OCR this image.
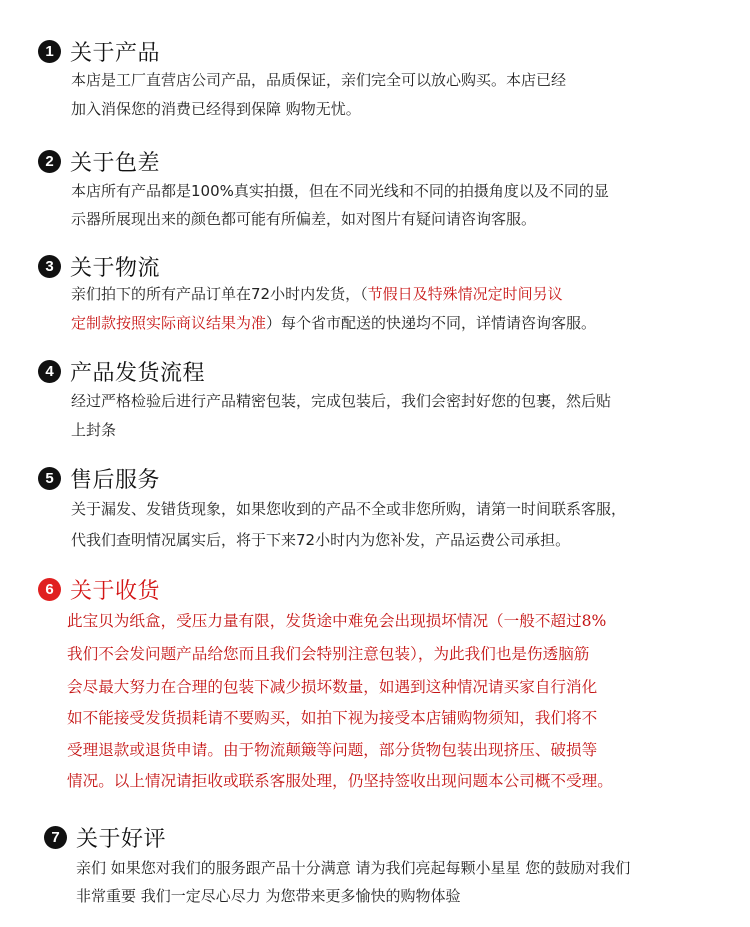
1 关于产品
本店是工厂直营店公司产品，品质保证，亲们完全可以放心购买。本店已经
加入消保您的消费已经得到保障 购物无忧。
2 关于色差
本店所有产品都是100%真实拍摄，但在不同光线和不同的拍摄角度以及不同的显
示器所展现出来的颜色都可能有所偏差，如对图片有疑问请咨询客服。
3 关于物流
亲们拍下的所有产品订单在72小时内发货，（节假日及特殊情况定时间另议
定制款按照实际商议结果为准）每个省市配送的快递均不同，详情请咨询客服。
4 产品发货流程
经过严格检验后进行产品精密包装，完成包装后，我们会密封好您的包裹，然后贴
上封条
5 售后服务
关于漏发、发错货现象，如果您收到的产品不全或非您所购，请第一时间联系客服，
代我们查明情况属实后，将于下来72小时内为您补发，产品运费公司承担。
6 关于收货
此宝贝为纸盒，受压力量有限，发货途中难免会出现损坏情况（一般不超过8%
我们不会发问题产品给您而且我们会特别注意包装），为此我们也是伤透脑筋
会尽最大努力在合理的包装下减少损坏数量，如遇到这种情况请买家自行消化
如不能接受发货损耗请不要购买，如拍下视为接受本店铺购物须知，我们将不
受理退款或退货申请。由于物流颠簸等问题，部分货物包装出现挤压、破损等
情况。以上情况请拒收或联系客服处理，仍坚持签收出现问题本公司概不受理。
7 关于好评
亲们 如果您对我们的服务跟产品十分满意 请为我们亮起每颗小星星 您的鼓励对我们
非常重要 我们一定尽心尽力 为您带来更多愉快的购物体验
